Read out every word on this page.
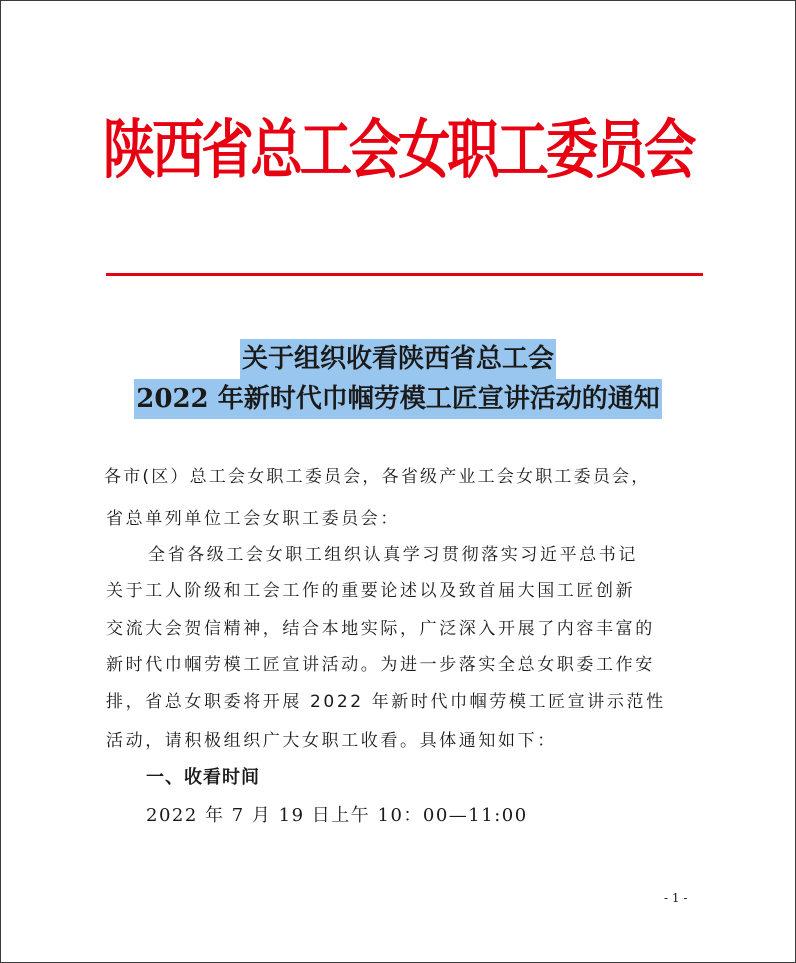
陕西省总工会女职工委员会
关于组织收看陕西省总工会
2022 年新时代巾帼劳模工匠宣讲活动的通知
各市(区）总工会女职工委员会，各省级产业工会女职工委员会，
省总单列单位工会女职工委员会：
全省各级工会女职工组织认真学习贯彻落实习近平总书记
关于工人阶级和工会工作的重要论述以及致首届大国工匠创新
交流大会贺信精神，结合本地实际，广泛深入开展了内容丰富的
新时代巾帼劳模工匠宣讲活动。为进一步落实全总女职委工作安
排，省总女职委将开展 2022 年新时代巾帼劳模工匠宣讲示范性
活动，请积极组织广大女职工收看。具体通知如下：
一、收看时间
2022 年 7 月 19 日上午 10：00—11:00
- 1 -
